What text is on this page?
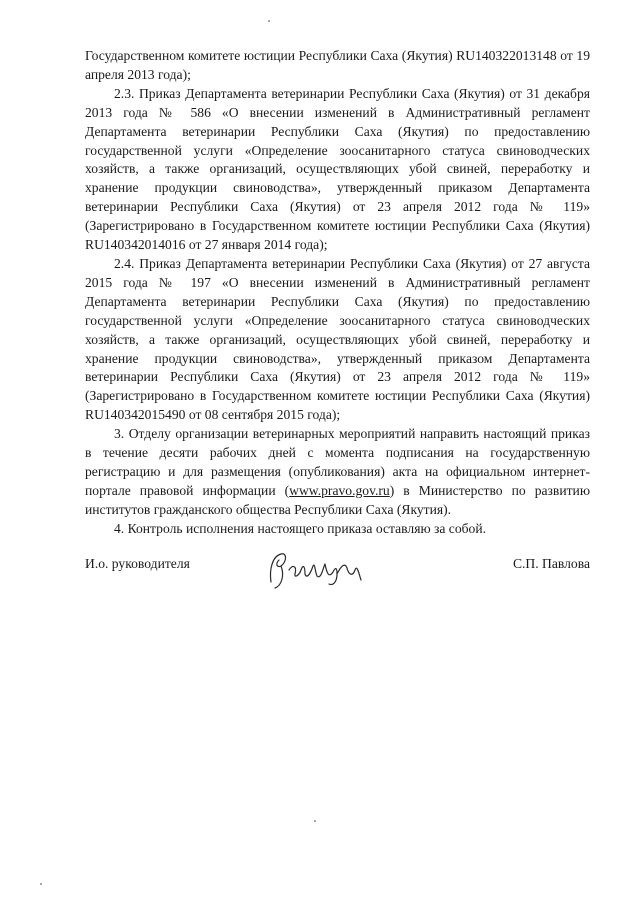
Государственном комитете юстиции Республики Саха (Якутия) RU140322013148 от 19 апреля 2013 года);

2.3. Приказ Департамента ветеринарии Республики Саха (Якутия) от 31 декабря 2013 года № 586 «О внесении изменений в Административный регламент Департамента ветеринарии Республики Саха (Якутия) по предоставлению государственной услуги «Определение зоосанитарного статуса свиноводческих хозяйств, а также организаций, осуществляющих убой свиней, переработку и хранение продукции свиноводства», утвержденный приказом Департамента ветеринарии Республики Саха (Якутия) от 23 апреля 2012 года № 119» (Зарегистрировано в Государственном комитете юстиции Республики Саха (Якутия) RU140342014016 от 27 января 2014 года);

2.4. Приказ Департамента ветеринарии Республики Саха (Якутия) от 27 августа 2015 года № 197 «О внесении изменений в Административный регламент Департамента ветеринарии Республики Саха (Якутия) по предоставлению государственной услуги «Определение зоосанитарного статуса свиноводческих хозяйств, а также организаций, осуществляющих убой свиней, переработку и хранение продукции свиноводства», утвержденный приказом Департамента ветеринарии Республики Саха (Якутия) от 23 апреля 2012 года № 119» (Зарегистрировано в Государственном комитете юстиции Республики Саха (Якутия) RU140342015490 от 08 сентября 2015 года);

3. Отделу организации ветеринарных мероприятий направить настоящий приказ в течение десяти рабочих дней с момента подписания на государственную регистрацию и для размещения (опубликования) акта на официальном интернет-портале правовой информации (www.pravo.gov.ru) в Министерство по развитию институтов гражданского общества Республики Саха (Якутия).

4. Контроль исполнения настоящего приказа оставляю за собой.

И.о. руководителя	С.П. Павлова
